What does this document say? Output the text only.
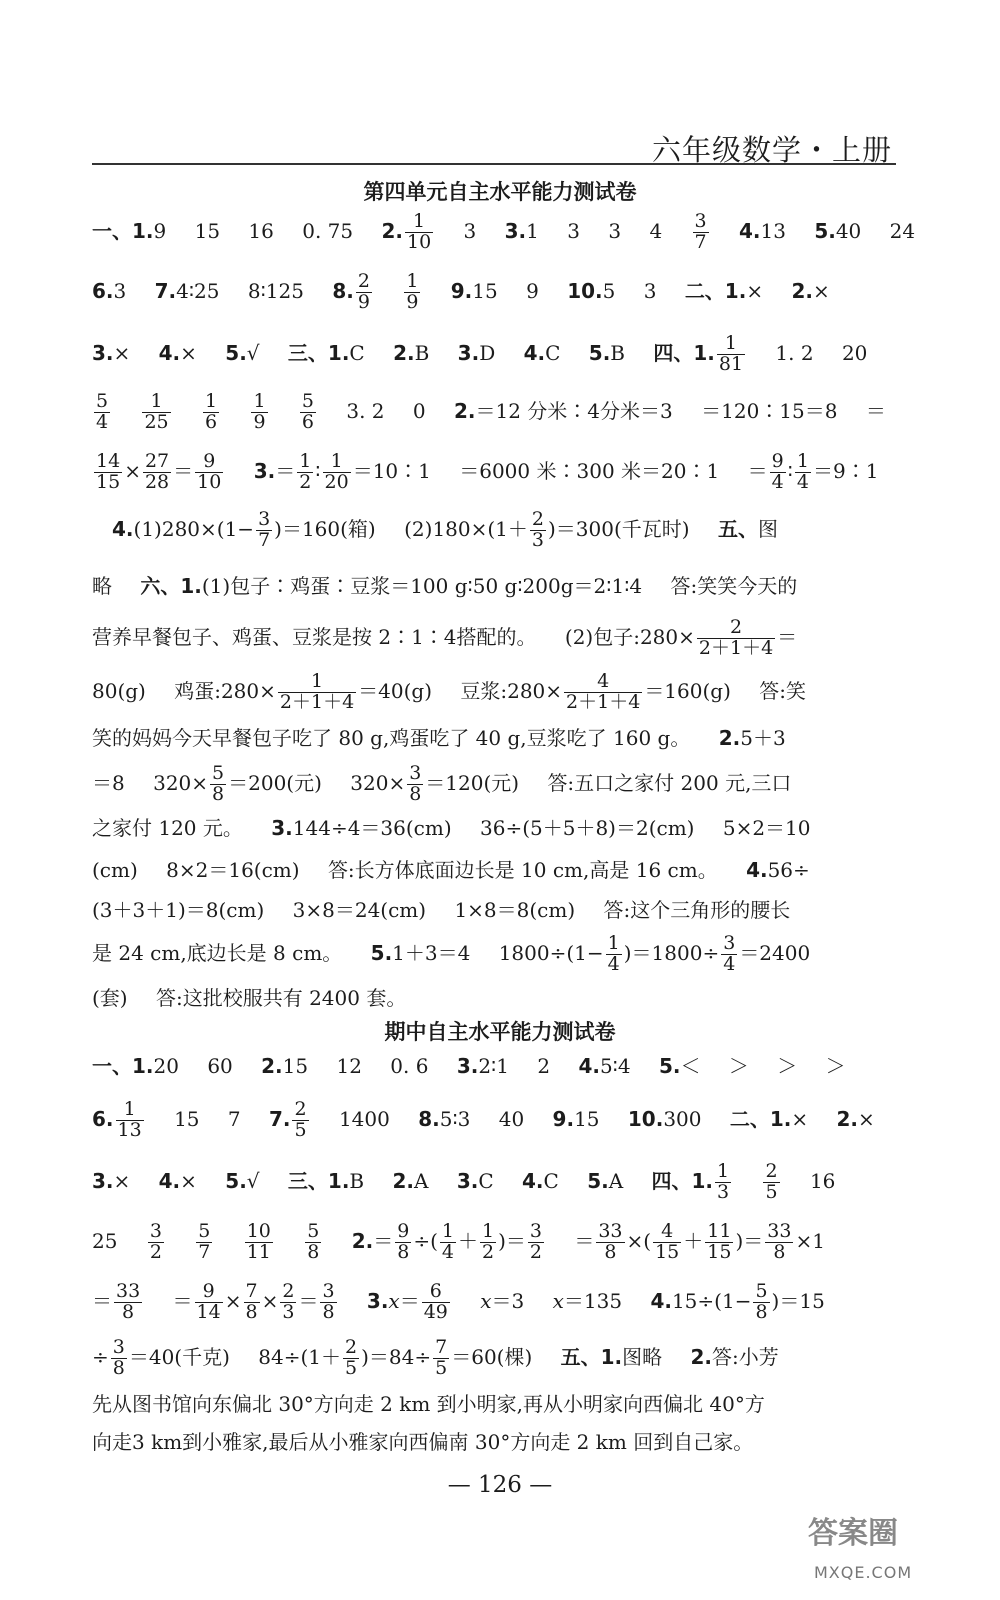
六年级数学・上册
第四单元自主水平能力测试卷
一、1.9 15 16 0. 75 2. $\frac{1}{10} 3$ 3.1 3 3 $4 \frac{3}{7} 4.13$ 5.40 24
6.3 7.4∶25 8∶125 8. $\frac{2}{9}$
$\frac{1}{9} 9.15$ 9 10.5 3 二、1.× 2.×
3.× 4.× 5.√ 三、1.C 2.B 3.D 4.C 5.B 四、1. $\frac{1}{81} 1$. 2 20
$\frac{5}{4}$
$\frac{1}{25}$
$\frac{1}{6}$
$\frac{1}{9}$
$\frac{5}{6} 3$. 2 0 2.＝12 分米∶4分米＝3 ＝120∶15＝8 ＝
$\frac{14}{15} \times \frac{27}{28} = \frac{9}{10} 3.= \frac{1}{2}$ ∶ $\frac{1}{20}$ ＝10∶1 ＝6000 米∶300 米＝20∶1 ＝ $\frac{9}{4}$ ∶ $\frac{1}{4}$ ＝9∶1
$4.(1)280\times(1- \frac{3}{7} )=160$(箱) $(2)180\times(1+ \frac{2}{3} )=300$(千瓦时) 五、图
略 六、1.(1)包子∶鸡蛋∶豆浆＝100 g∶50 g∶200g＝2∶1∶4 答:笑笑今天的
营养早餐包子、鸡蛋、豆浆是按 2∶1∶4搭配的。 (2)包子:280× $\frac{2}{2+1+4}$ ＝
80(g) 鸡蛋:280× $\frac{1}{2+1+4} =40(g)$ 豆浆:280× $\frac{4}{2+1+4} =160(g)$ 答:笑
笑的妈妈今天早餐包子吃了 80 g,鸡蛋吃了 40 g,豆浆吃了 160 g。 2.5＋3
＝8 $320\times \frac{5}{8} =200$(元) $320\times \frac{3}{8} =120$(元) 答:五口之家付 200 元,三口
之家付 120 元。 3.144÷4＝36(cm) 36÷(5＋5＋8)＝2(cm) 5×2＝10
(cm) 8×2＝16(cm) 答:长方体底面边长是 10 cm,高是 16 cm。 4.56÷
(3＋3＋1)＝8(cm) 3×8＝24(cm) 1×8＝8(cm) 答:这个三角形的腰长
是 24 cm,底边长是 8 cm。 5.1＋3＝4 $1800\div(1- \frac{1}{4} )=1800\div \frac{3}{4} =2400$
(套) 答:这批校服共有 2400 套。
期中自主水平能力测试卷
一、1.20 60 2.15 12 0. 6 3.2∶1 2 4.5∶4 5.＜ ＞ ＞ ＞
6. $\frac{1}{13} 15$ 7 7. $\frac{2}{5} 1400$ 8.5∶3 40 9.15 10.300 二、1.× 2.×
3.× 4.× 5.√ 三、1.B 2.A 3.C 4.C 5.A 四、1. $\frac{1}{3}$
$\frac{2}{5} 16$
$25 \frac{3}{2}$
$\frac{5}{7}$
$\frac{10}{11}$
$\frac{5}{8} 2.= \frac{9}{8}$ ÷( $\frac{1}{4} + \frac{1}{2}$ )＝ $\frac{3}{2} = \frac{33}{8}$ ×( $\frac{4}{15} + \frac{11}{15}$ )＝ $\frac{33}{8} \times 1$
＝ $\frac{33}{8} = \frac{9}{14} \times \frac{7}{8} \times \frac{2}{3} = \frac{3}{8} 3.x= \frac{6}{49} x=3$ x＝135 $4.15\div(1- \frac{5}{8} )=15$
÷ $\frac{3}{8} =40$(千克) $84\div(1+ \frac{2}{5} )=84\div \frac{7}{5} =60$(棵) 五、1.图略 2.答:小芳
先从图书馆向东偏北 30°方向走 2 km 到小明家,再从小明家向西偏北 40°方
向走3 km到小雅家,最后从小雅家向西偏南 30°方向走 2 km 回到自己家。
— 126 —
答案圈
MXQE.COM
